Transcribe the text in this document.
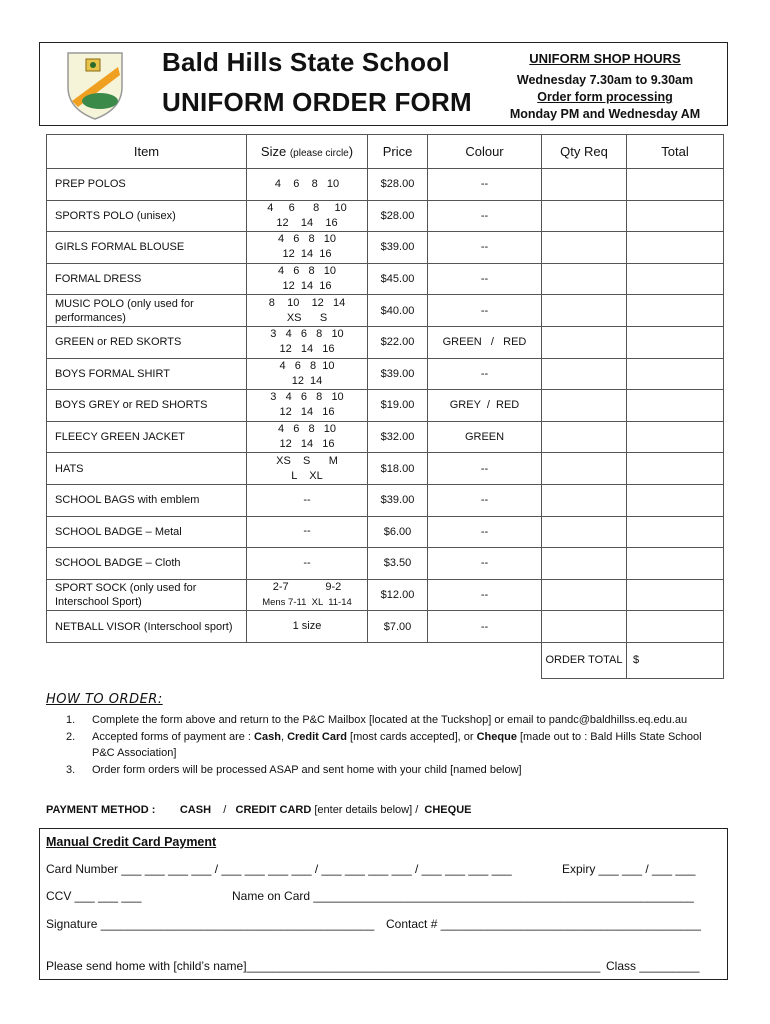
Bald Hills State School
UNIFORM ORDER FORM
UNIFORM SHOP HOURS
Wednesday 7.30am to 9.30am
Order form processing
Monday PM and Wednesday AM
Item	Size (please circle)	Price	Colour	Qty Req	Total
PREP POLOS	4    6    8   10	$28.00	--		
SPORTS POLO (unisex)	4     6      8     10
12    14    16	$28.00	--		
GIRLS FORMAL BLOUSE	4   6   8   10
12  14  16	$39.00	--		
FORMAL DRESS	4   6   8   10
12  14  16	$45.00	--		
MUSIC POLO (only used for performances)	8    10    12   14
XS      S	$40.00	--		
GREEN or RED SKORTS	3   4   6   8   10
12   14   16	$22.00	GREEN   /   RED		
BOYS FORMAL SHIRT	4   6   8  10
12  14	$39.00	--		
BOYS GREY or RED SHORTS	3   4   6   8   10
12   14   16	$19.00	GREY  /  RED		
FLEECY GREEN JACKET	4   6   8   10
12   14   16	$32.00	GREEN		
HATS	XS    S      M
L    XL	$18.00	--		
SCHOOL BAGS with emblem	--	$39.00	--		
SCHOOL BADGE – Metal	--	$6.00	--		
SCHOOL BADGE – Cloth	--	$3.50	--		
SPORT SOCK (only used for Interschool Sport)	2-7            9-2
Mens 7-11  XL  11-14	$12.00	--		
NETBALL VISOR (Interschool sport)	1 size	$7.00	--		
				ORDER TOTAL	$
HOW TO ORDER:
1. Complete the form above and return to the P&C Mailbox [located at the Tuckshop] or email to pandc@baldhillss.eq.edu.au
2. Accepted forms of payment are : Cash, Credit Card [most cards accepted], or Cheque [made out to : Bald Hills State School P&C Association]
3. Order form orders will be processed ASAP and sent home with your child [named below]
PAYMENT METHOD : CASH / CREDIT CARD [enter details below] / CHEQUE
Manual Credit Card Payment
Card Number ___ ___ ___ ___ / ___ ___ ___ ___ / ___ ___ ___ ___ / ___ ___ ___ ___	Expiry ___ ___ / ___ ___
CCV ___ ___ ___	Name on Card _________________________________________________________
Signature _________________________________________ Contact # _______________________________________
Please send home with [child’s name]_____________________________________________________ Class _________
